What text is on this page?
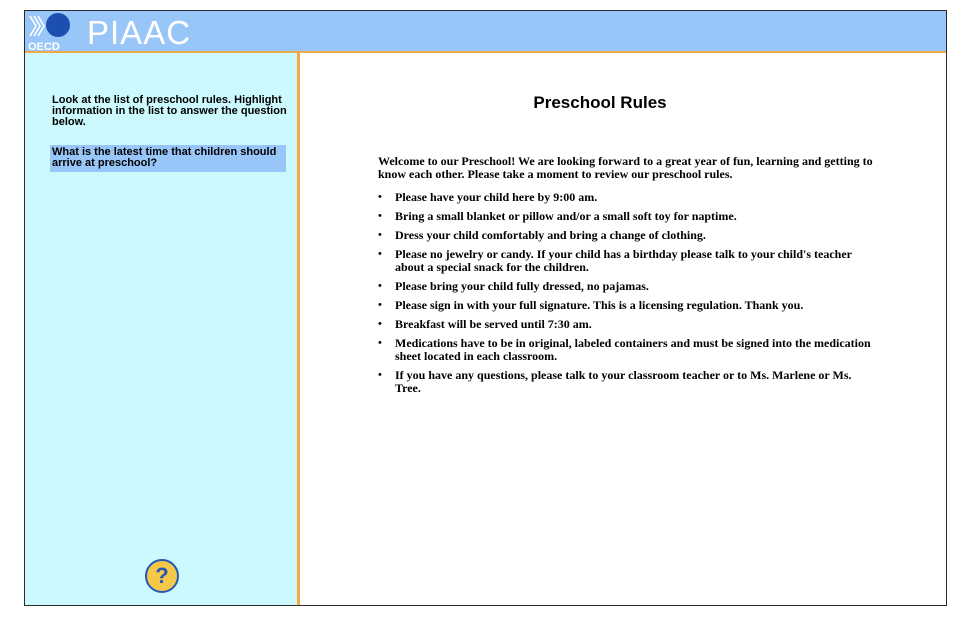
OECD PIAAC
Look at the list of preschool rules. Highlight information in the list to answer the question below.
What is the latest time that children should arrive at preschool?
?
Preschool Rules

Welcome to our Preschool! We are looking forward to a great year of fun, learning and getting to know each other. Please take a moment to review our preschool rules.

• Please have your child here by 9:00 am.
• Bring a small blanket or pillow and/or a small soft toy for naptime.
• Dress your child comfortably and bring a change of clothing.
• Please no jewelry or candy. If your child has a birthday please talk to your child's teacher about a special snack for the children.
• Please bring your child fully dressed, no pajamas.
• Please sign in with your full signature. This is a licensing regulation. Thank you.
• Breakfast will be served until 7:30 am.
• Medications have to be in original, labeled containers and must be signed into the medication sheet located in each classroom.
• If you have any questions, please talk to your classroom teacher or to Ms. Marlene or Ms. Tree.
